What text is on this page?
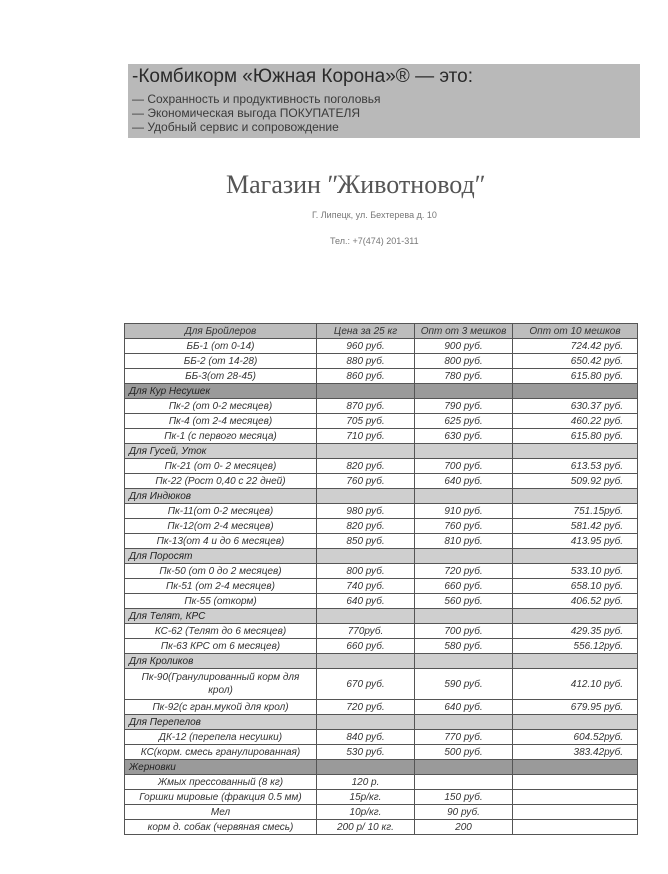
-Комбикорм «Южная Корона»® — это:
— Сохранность и продуктивность поголовья
— Экономическая выгода ПОКУПАТЕЛЯ
— Удобный сервис и сопровождение
Магазин ʺЖивотноводʺ
Г. Липецк, ул. Бехтерева д. 10
Тел.: +7(474) 201-311
Для Бройлеров	Цена за 25 кг	Опт от 3 мешков	Опт от 10 мешков
ББ-1 (от 0-14)	960 руб.	900 руб.	724.42 руб.
ББ-2 (от 14-28)	880 руб.	800 руб.	650.42 руб.
ББ-3(от 28-45)	860 руб.	780 руб.	615.80 руб.
Для Кур Несушек			
Пк-2 (от 0-2 месяцев)	870 руб.	790 руб.	630.37 руб.
Пк-4 (от 2-4 месяцев)	705 руб.	625 руб.	460.22 руб.
Пк-1 (с первого месяца)	710 руб.	630 руб.	615.80 руб.
Для Гусей, Уток			
Пк-21 (от 0- 2 месяцев)	820 руб.	700 руб.	613.53 руб.
Пк-22 (Рост 0,40 с 22 дней)	760 руб.	640 руб.	509.92 руб.
Для Индюков			
Пк-11(от 0-2 месяцев)	980 руб.	910 руб.	751.15руб.
Пк-12(от 2-4 месяцев)	820 руб.	760 руб.	581.42 руб.
Пк-13(от 4 и до 6 месяцев)	850 руб.	810 руб.	413.95 руб.
Для Поросят			
Пк-50 (от 0 до 2 месяцев)	800 руб.	720 руб.	533.10 руб.
Пк-51 (от 2-4 месяцев)	740 руб.	660 руб.	658.10 руб.
Пк-55 (откорм)	640 руб.	560 руб.	406.52 руб.
Для Телят, КРС			
КС-62 (Телят до 6 месяцев)	770руб.	700 руб.	429.35 руб.
Пк-63 КРС от 6 месяцев)	660 руб.	580 руб.	556.12руб.
Для Кроликов			
Пк-90(Гранулированный корм для крол)	670 руб.	590 руб.	412.10 руб.
Пк-92(с гран.мукой для крол)	720 руб.	640 руб.	679.95 руб.
Для Перепелов			
ДК-12 (перепела несушки)	840 руб.	770 руб.	604.52руб.
КС(корм. смесь гранулированная)	530 руб.	500 руб.	383.42руб.
Жерновки			
Жмых прессованный (8 кг)	120 р.		
Горшки мировые (фракция 0.5 мм)	15р/кг.	150 руб.	
Мел	10р/кг.	90 руб.	
корм д. собак (червяная смесь)	200 р/ 10 кг.	200	
